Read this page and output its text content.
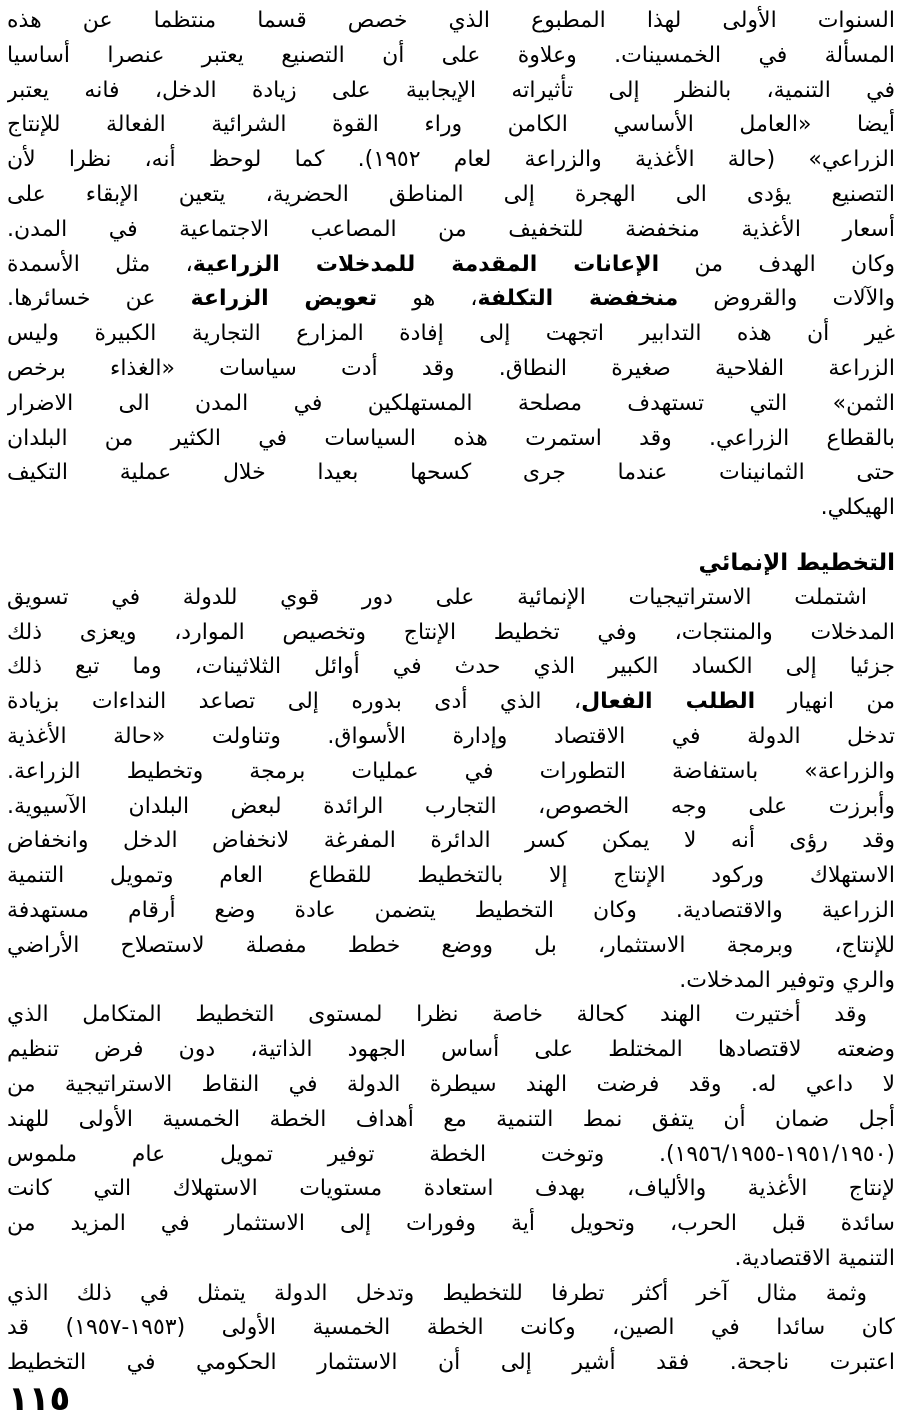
السنوات الأولى لهذا المطبوع الذي خصص قسما منتظما عن هذه
المسألة في الخمسينات. وعلاوة على أن التصنيع يعتبر عنصرا أساسيا
في التنمية، بالنظر إلى تأثيراته الإيجابية على زيادة الدخل، فانه يعتبر
أيضا «العامل الأساسي الكامن وراء القوة الشرائية الفعالة للإنتاج
الزراعي» (حالة الأغذية والزراعة لعام ١٩٥٢). كما لوحظ أنه، نظرا لأن
التصنيع يؤدى الى الهجرة إلى المناطق الحضرية، يتعين الإبقاء على
أسعار الأغذية منخفضة للتخفيف من المصاعب الاجتماعية في المدن.
وكان الهدف من الإعانات المقدمة للمدخلات الزراعية، مثل الأسمدة
والآلات والقروض منخفضة التكلفة، هو تعويض الزراعة عن خسائرها.
غير أن هذه التدابير اتجهت إلى إفادة المزارع التجارية الكبيرة وليس
الزراعة الفلاحية صغيرة النطاق. وقد أدت سياسات «الغذاء برخص
الثمن» التي تستهدف مصلحة المستهلكين في المدن الى الاضرار
بالقطاع الزراعي. وقد استمرت هذه السياسات في الكثير من البلدان
حتى الثمانينات عندما جرى كسحها بعيدا خلال عملية التكيف
الهيكلي.
التخطيط الإنمائي
اشتملت الاستراتيجيات الإنمائية على دور قوي للدولة في تسويق
المدخلات والمنتجات، وفي تخطيط الإنتاج وتخصيص الموارد، ويعزى ذلك
جزئيا إلى الكساد الكبير الذي حدث في أوائل الثلاثينات، وما تبع ذلك
من انهيار الطلب الفعال، الذي أدى بدوره إلى تصاعد النداءات بزيادة
تدخل الدولة في الاقتصاد وإدارة الأسواق. وتناولت «حالة الأغذية
والزراعة» باستفاضة التطورات في عمليات برمجة وتخطيط الزراعة.
وأبرزت على وجه الخصوص، التجارب الرائدة لبعض البلدان الآسيوية.
وقد رؤى أنه لا يمكن كسر الدائرة المفرغة لانخفاض الدخل وانخفاض
الاستهلاك وركود الإنتاج إلا بالتخطيط للقطاع العام وتمويل التنمية
الزراعية والاقتصادية. وكان التخطيط يتضمن عادة وضع أرقام مستهدفة
للإنتاج، وبرمجة الاستثمار، بل ووضع خطط مفصلة لاستصلاح الأراضي
والري وتوفير المدخلات.
وقد أختيرت الهند كحالة خاصة نظرا لمستوى التخطيط المتكامل الذي
وضعته لاقتصادها المختلط على أساس الجهود الذاتية، دون فرض تنظيم
لا داعي له. وقد فرضت الهند سيطرة الدولة في النقاط الاستراتيجية من
أجل ضمان أن يتفق نمط التنمية مع أهداف الخطة الخمسية الأولى للهند
(١٩٥٠/‏١٩٥١-١٩٥٥/‏١٩٥٦). وتوخت الخطة توفير تمويل عام ملموس
لإنتاج الأغذية والألياف، بهدف استعادة مستويات الاستهلاك التي كانت
سائدة قبل الحرب، وتحويل أية وفورات إلى الاستثمار في المزيد من
التنمية الاقتصادية.
وثمة مثال آخر أكثر تطرفا للتخطيط وتدخل الدولة يتمثل في ذلك الذي
كان سائدا في الصين، وكانت الخطة الخمسية الأولى (١٩٥٣-١٩٥٧) قد
اعتبرت ناجحة. فقد أشير إلى أن الاستثمار الحكومي في التخطيط
١١٥
